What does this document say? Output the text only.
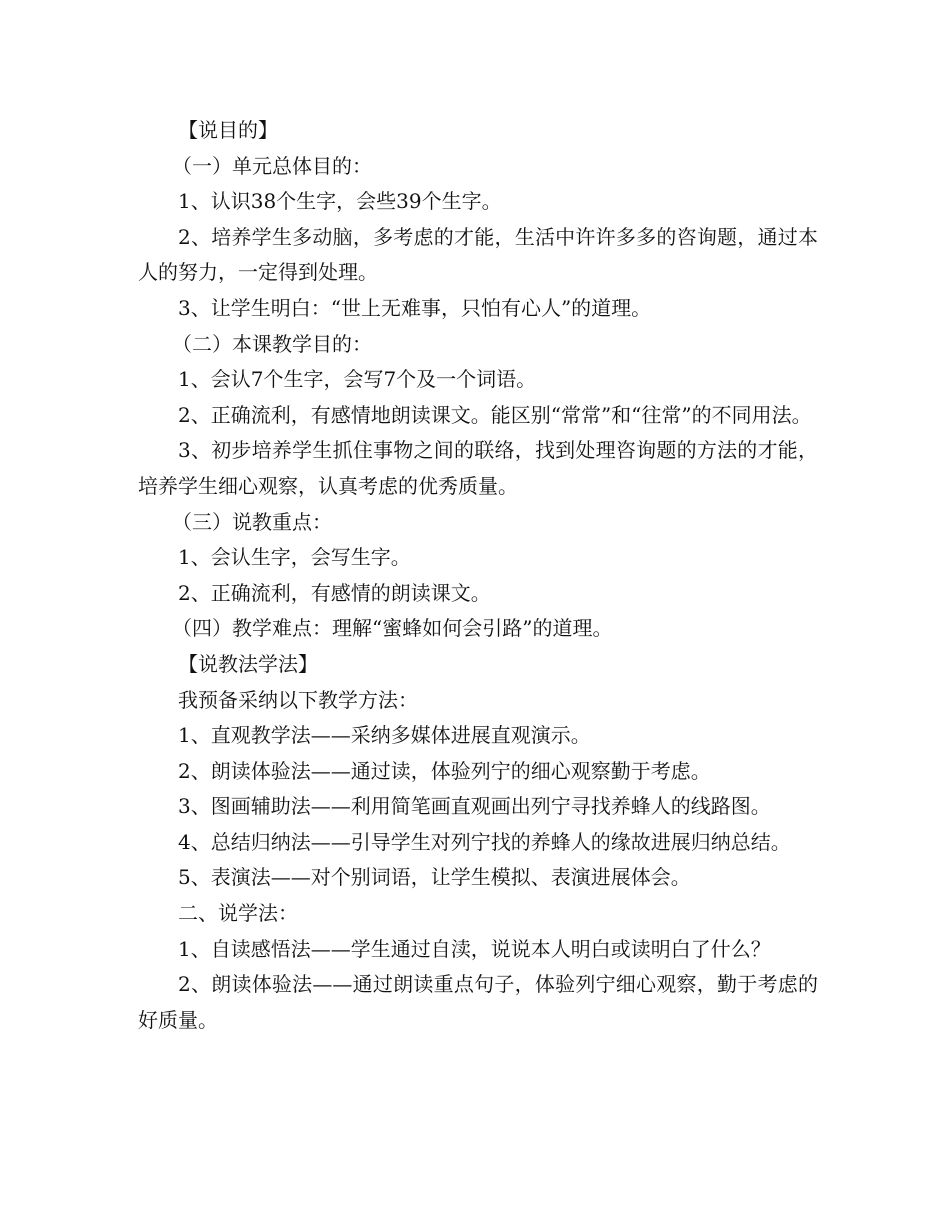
【说目的】

（一）单元总体目的：

1、认识38个生字，会些39个生字。

2、培养学生多动脑，多考虑的才能，生活中许许多多的咨询题，通过本人的努力，一定得到处理。

3、让学生明白：“世上无难事，只怕有心人”的道理。

（二）本课教学目的：

1、会认7个生字，会写7个及一个词语。

2、正确流利，有感情地朗读课文。能区别“常常”和“往常”的不同用法。

3、初步培养学生抓住事物之间的联络，找到处理咨询题的方法的才能，培养学生细心观察，认真考虑的优秀质量。

（三）说教重点：

1、会认生字，会写生字。

2、正确流利，有感情的朗读课文。

（四）教学难点：理解“蜜蜂如何会引路”的道理。

【说教法学法】

我预备采纳以下教学方法：

1、直观教学法——采纳多媒体进展直观演示。

2、朗读体验法——通过读，体验列宁的细心观察勤于考虑。

3、图画辅助法——利用简笔画直观画出列宁寻找养蜂人的线路图。

4、总结归纳法——引导学生对列宁找的养蜂人的缘故进展归纳总结。

5、表演法——对个别词语，让学生模拟、表演进展体会。

二、说学法：

1、自读感悟法——学生通过自渎，说说本人明白或读明白了什么？

2、朗读体验法——通过朗读重点句子，体验列宁细心观察，勤于考虑的好质量。
